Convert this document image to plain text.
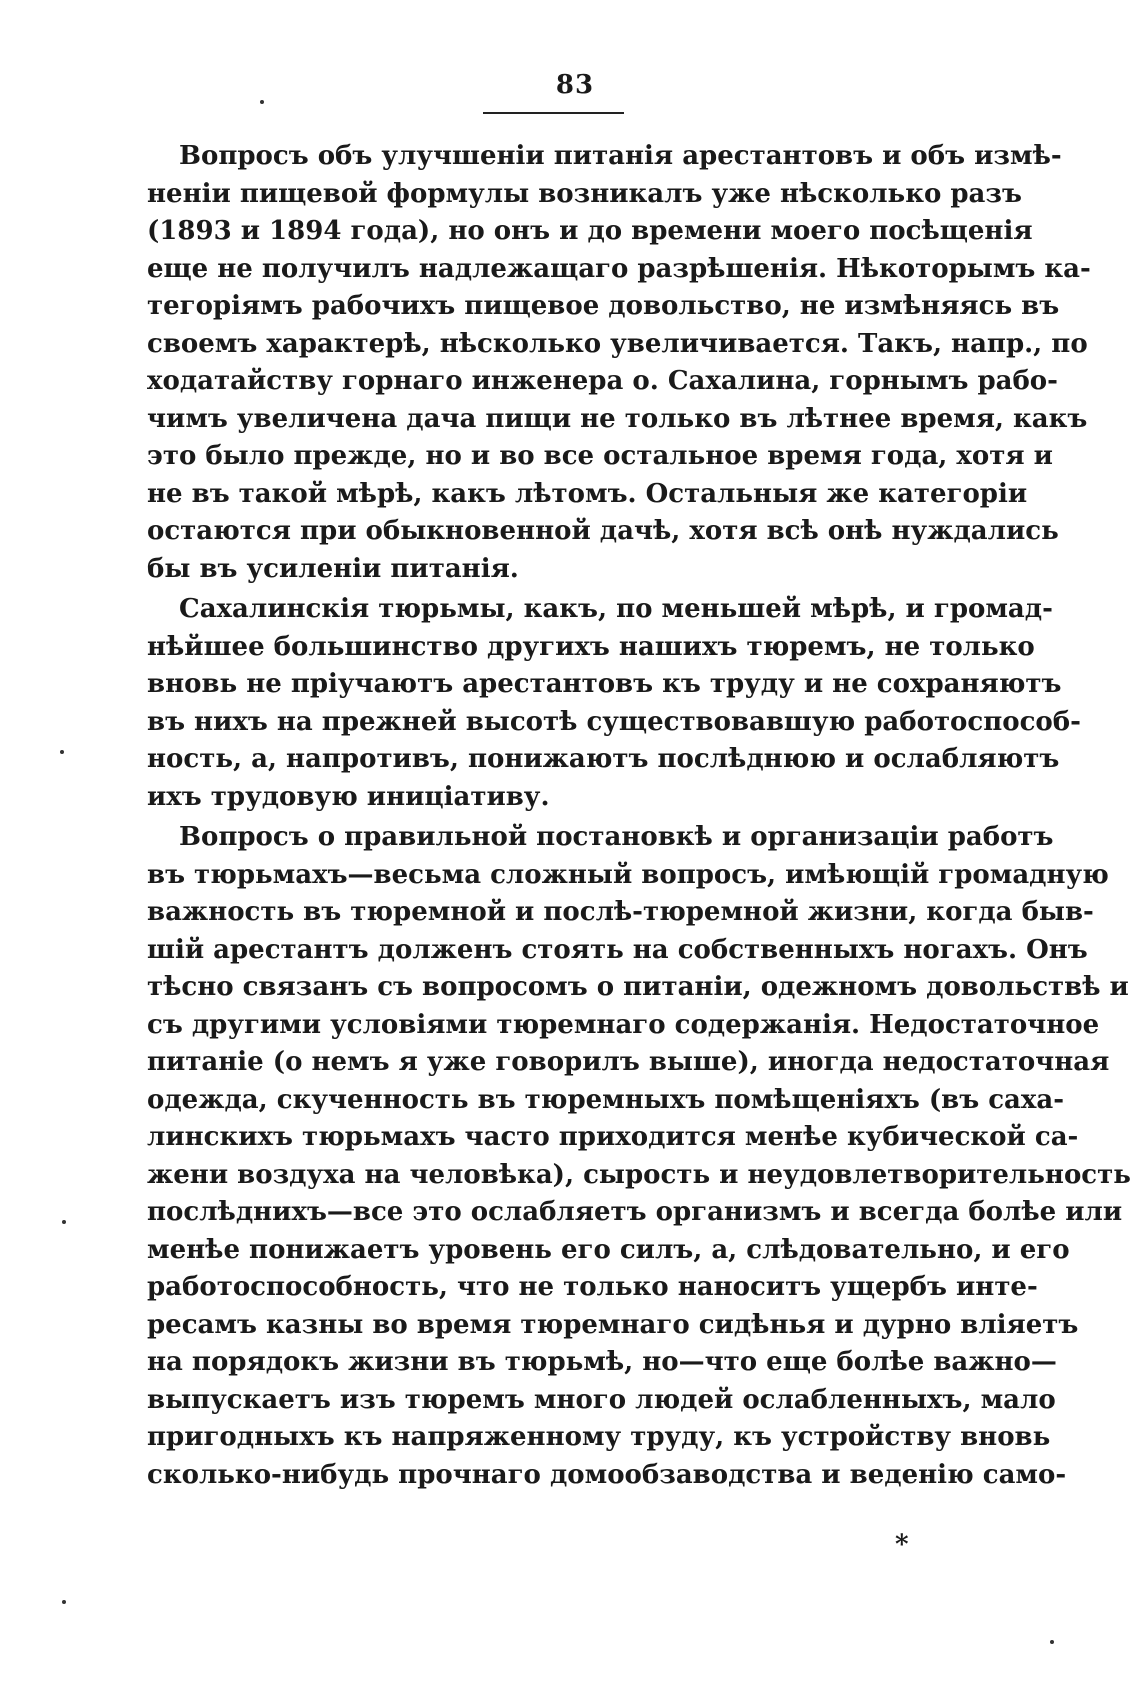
83
Вопросъ объ улучшеніи питанія арестантовъ и объ измѣ-
неніи пищевой формулы возникалъ уже нѣсколько разъ
(1893 и 1894 года), но онъ и до времени моего посѣщенія
еще не получилъ надлежащаго разрѣшенія. Нѣкоторымъ ка-
тегоріямъ рабочихъ пищевое довольство, не измѣняясь въ
своемъ характерѣ, нѣсколько увеличивается. Такъ, напр., по
ходатайству горнаго инженера о. Сахалина, горнымъ рабо-
чимъ увеличена дача пищи не только въ лѣтнее время, какъ
это было прежде, но и во все остальное время года, хотя и
не въ такой мѣрѣ, какъ лѣтомъ. Остальныя же категоріи
остаются при обыкновенной дачѣ, хотя всѣ онѣ нуждались
бы въ усиленіи питанія.
Сахалинскія тюрьмы, какъ, по меньшей мѣрѣ, и громад-
нѣйшее большинство другихъ нашихъ тюремъ, не только
вновь не пріучаютъ арестантовъ къ труду и не сохраняютъ
въ нихъ на прежней высотѣ существовавшую работоспособ-
ность, а, напротивъ, понижаютъ послѣднюю и ослабляютъ
ихъ трудовую иниціативу.
Вопросъ о правильной постановкѣ и организаціи работъ
въ тюрьмахъ—весьма сложный вопросъ, имѣющій громадную
важность въ тюремной и послѣ-тюремной жизни, когда быв-
шій арестантъ долженъ стоять на собственныхъ ногахъ. Онъ
тѣсно связанъ съ вопросомъ о питаніи, одежномъ довольствѣ и
съ другими условіями тюремнаго содержанія. Недостаточное
питаніе (о немъ я уже говорилъ выше), иногда недостаточная
одежда, скученность въ тюремныхъ помѣщеніяхъ (въ саха-
линскихъ тюрьмахъ часто приходится менѣе кубической са-
жени воздуха на человѣка), сырость и неудовлетворительность
послѣднихъ—все это ослабляетъ организмъ и всегда болѣе или
менѣе понижаетъ уровень его силъ, а, слѣдовательно, и его
работоспособность, что не только наноситъ ущербъ инте-
ресамъ казны во время тюремнаго сидѣнья и дурно вліяетъ
на порядокъ жизни въ тюрьмѣ, но—что еще болѣе важно—
выпускаетъ изъ тюремъ много людей ослабленныхъ, мало
пригодныхъ къ напряженному труду, къ устройству вновь
сколько-нибудь прочнаго домообзаводства и веденію само-
*
